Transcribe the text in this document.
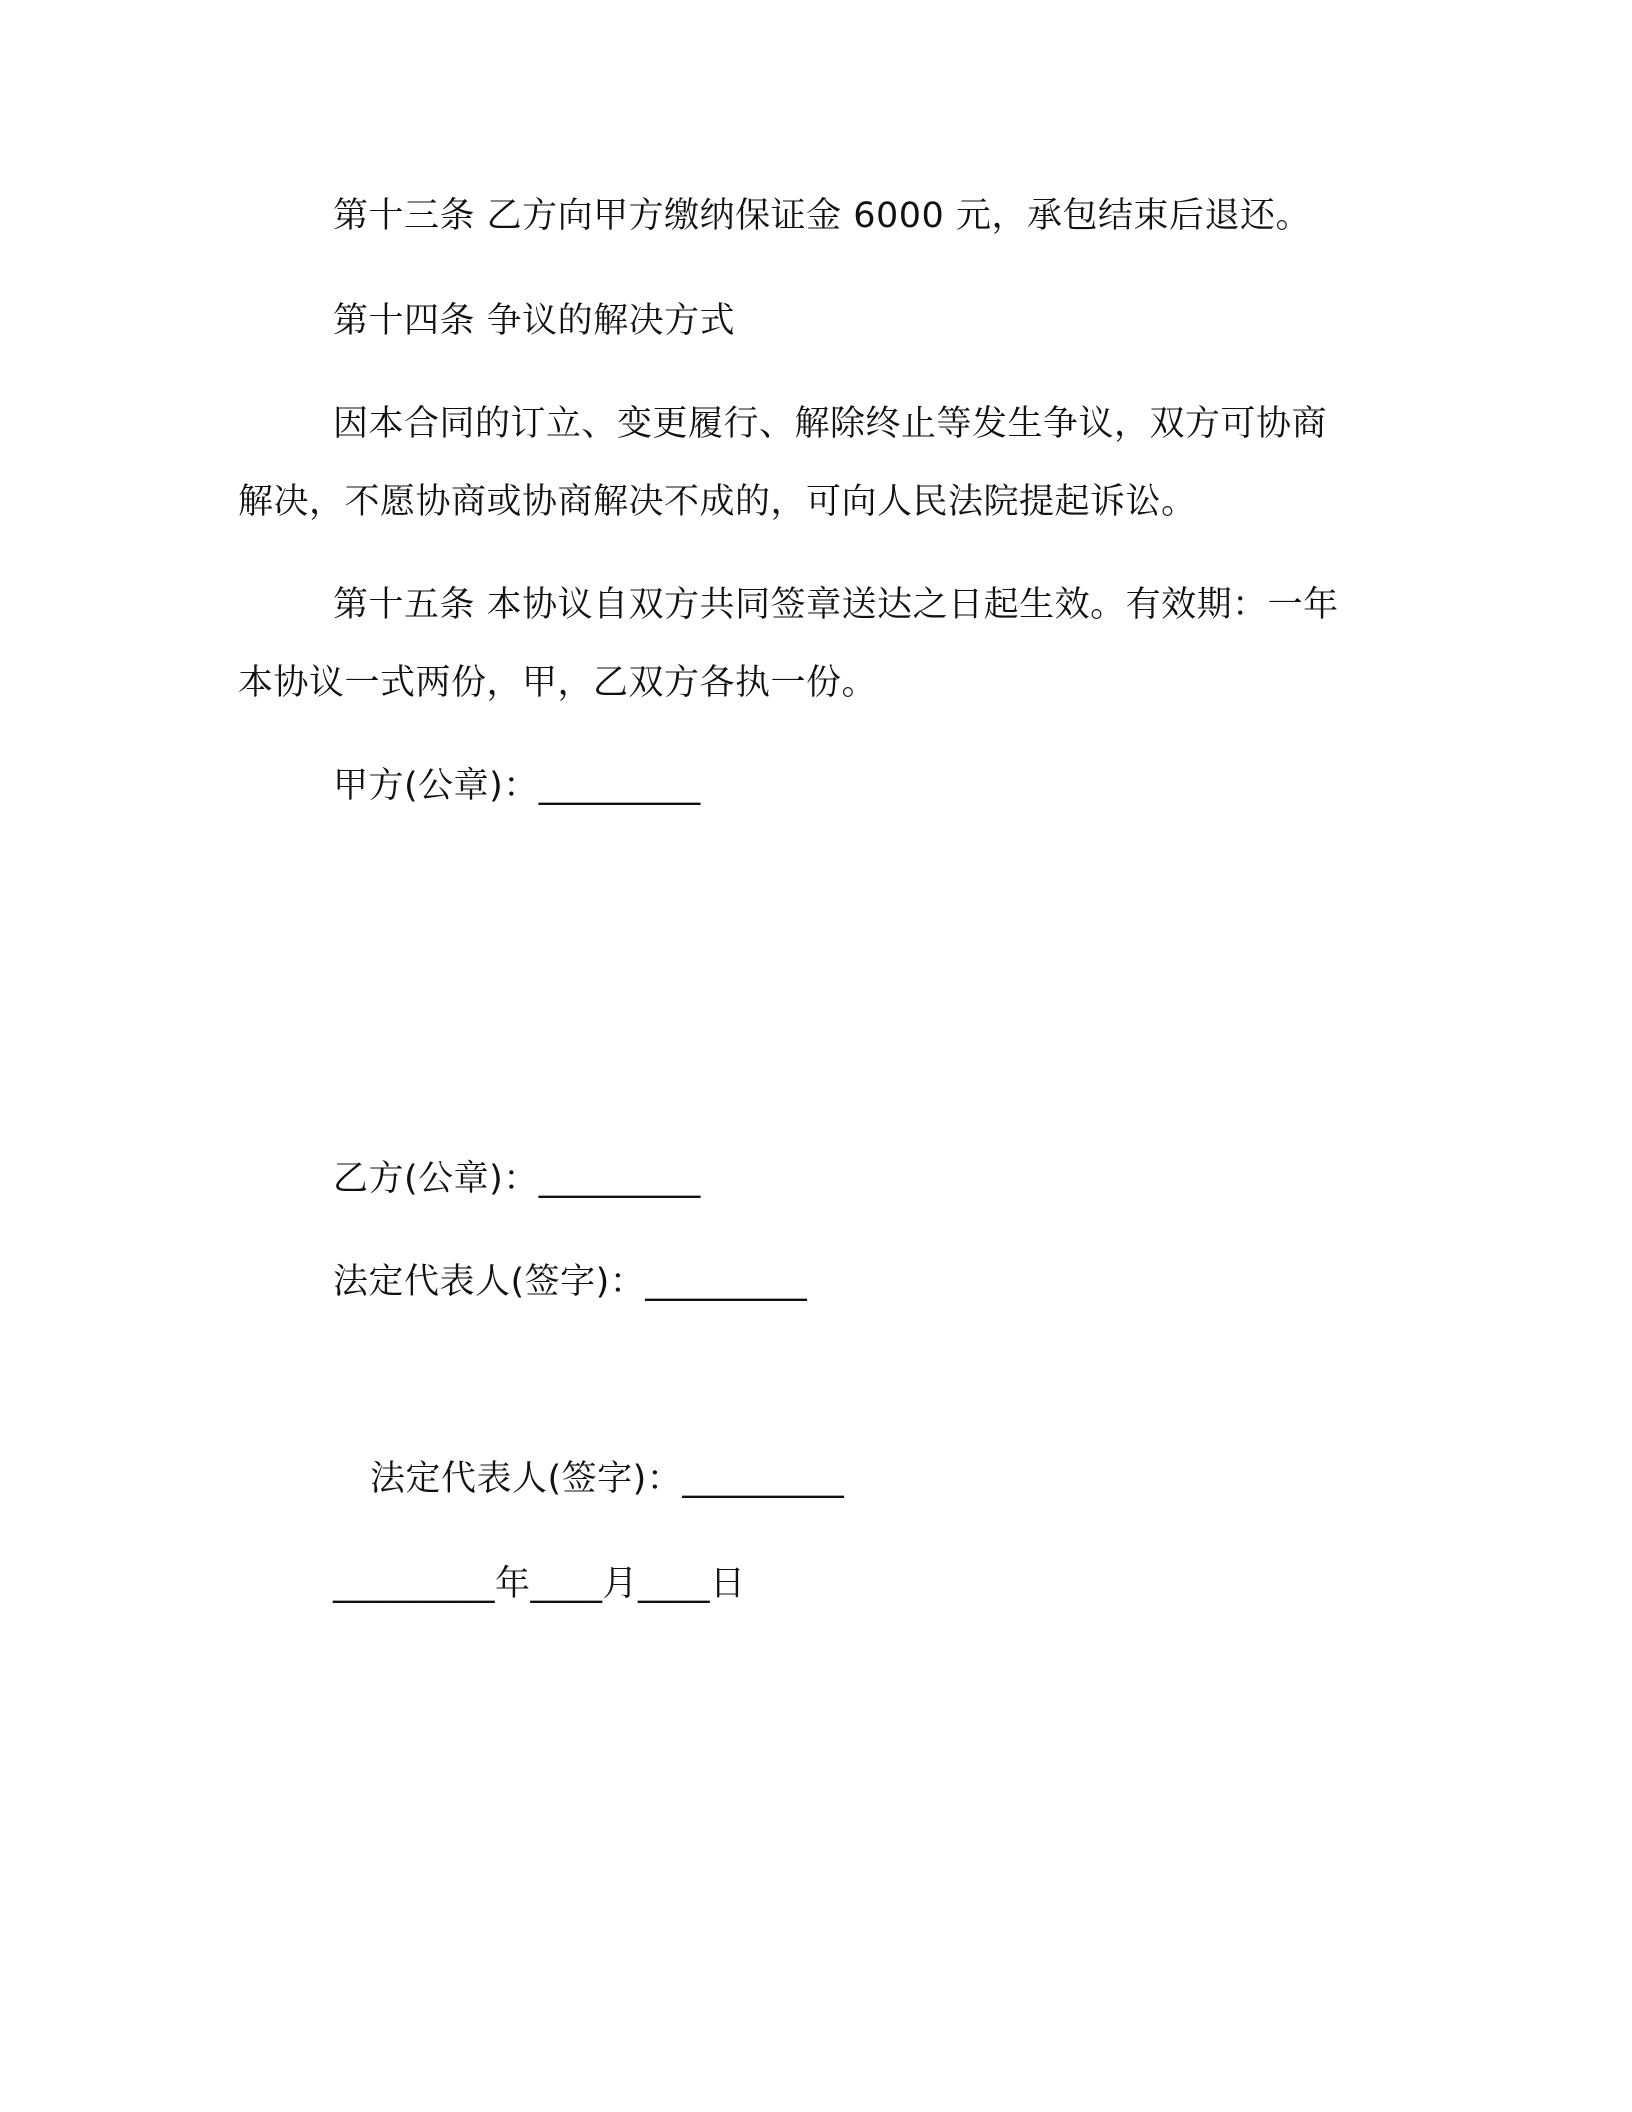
第十三条 乙方向甲方缴纳保证金 6000 元，承包结束后退还。
第十四条 争议的解决方式
因本合同的订立、变更履行、解除终止等发生争议，双方可协商
解决，不愿协商或协商解决不成的，可向人民法院提起诉讼。
第十五条 本协议自双方共同签章送达之日起生效。有效期：一年
本协议一式两份，甲，乙双方各执一份。
甲方(公章)：_________
乙方(公章)：_________
法定代表人(签字)：_________
法定代表人(签字)：_________
_________年____月____日
